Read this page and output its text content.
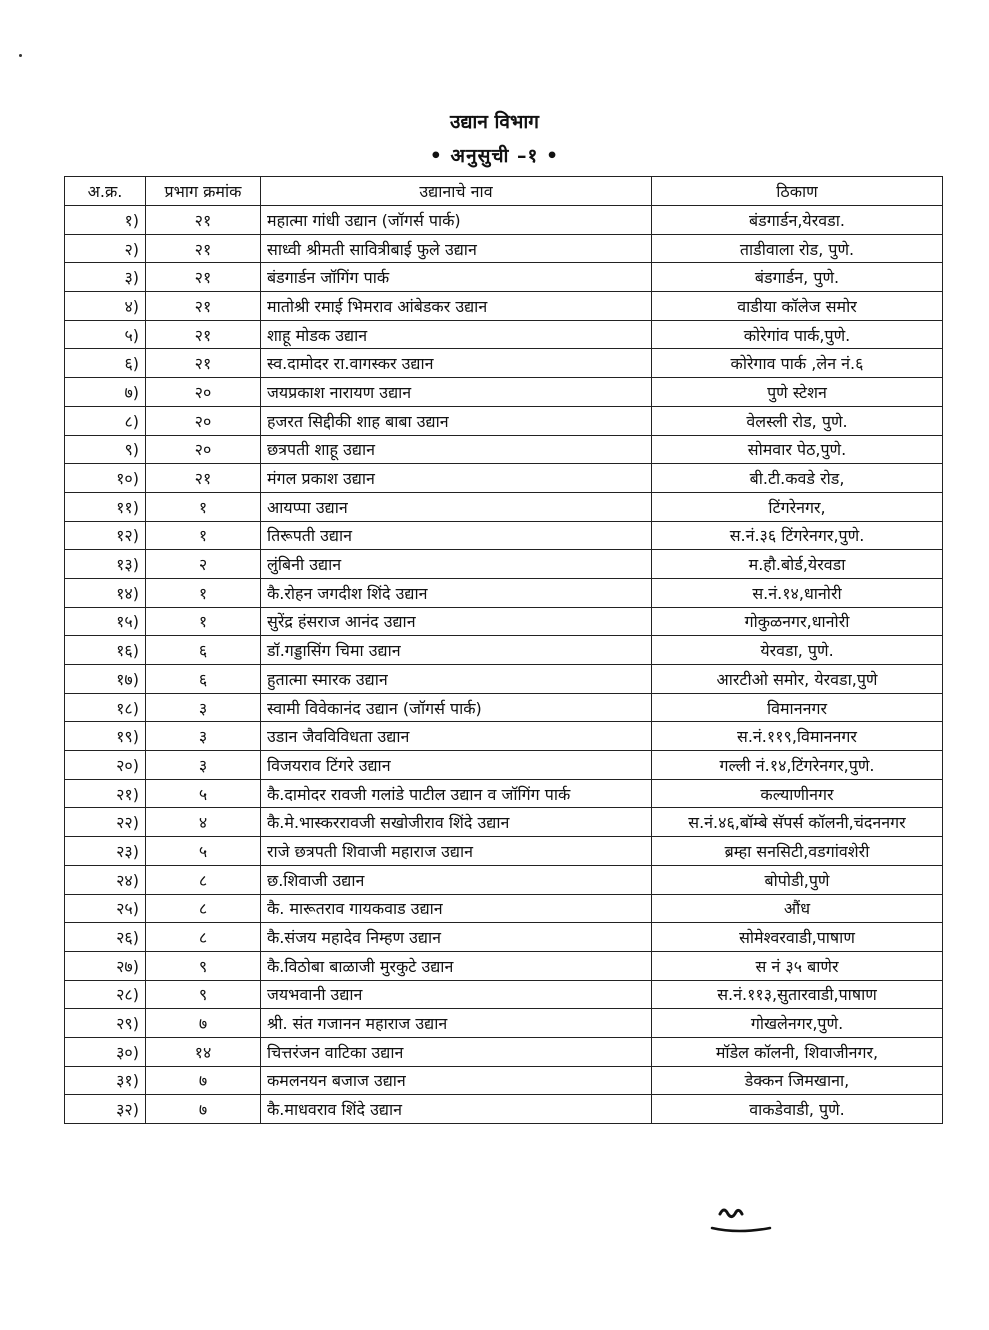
उद्यान विभाग
• अनुसुची –१ •
अ.क्र.	प्रभाग क्रमांक	उद्यानाचे नाव	ठिकाण
१)	२१	महात्मा गांधी उद्यान (जॉगर्स पार्क)	बंडगार्डन,येरवडा.
२)	२१	साध्वी श्रीमती सावित्रीबाई फुले उद्यान	ताडीवाला रोड, पुणे.
३)	२१	बंडगार्डन जॉगिंग पार्क	बंडगार्डन, पुणे.
४)	२१	मातोश्री रमाई भिमराव आंबेडकर उद्यान	वाडीया कॉलेज समोर
५)	२१	शाहू मोडक उद्यान	कोरेगांव पार्क,पुणे.
६)	२१	स्व.दामोदर रा.वागस्कर उद्यान	कोरेगाव पार्क ,लेन नं.६
७)	२०	जयप्रकाश नारायण उद्यान	पुणे स्टेशन
८)	२०	हजरत सिद्दीकी शाह बाबा उद्यान	वेलस्ली रोड, पुणे.
९)	२०	छत्रपती शाहू उद्यान	सोमवार पेठ,पुणे.
१०)	२१	मंगल प्रकाश उद्यान	बी.टी.कवडे रोड,
११)	१	आयप्पा उद्यान	टिंगरेनगर,
१२)	१	तिरूपती उद्यान	स.नं.३६ टिंगरेनगर,पुणे.
१३)	२	लुंबिनी उद्यान	म.हौ.बोर्ड,येरवडा
१४)	१	कै.रोहन जगदीश शिंदे उद्यान	स.नं.१४,धानोरी
१५)	१	सुरेंद्र हंसराज आनंद उद्यान	गोकुळनगर,धानोरी
१६)	६	डॉ.गड्डासिंग चिमा उद्यान	येरवडा, पुणे.
१७)	६	हुतात्मा स्मारक उद्यान	आरटीओ समोर, येरवडा,पुणे
१८)	३	स्वामी विवेकानंद उद्यान (जॉगर्स पार्क)	विमाननगर
१९)	३	उडान जैवविविधता उद्यान	स.नं.११९,विमाननगर
२०)	३	विजयराव टिंगरे उद्यान	गल्ली नं.१४,टिंगरेनगर,पुणे.
२१)	५	कै.दामोदर रावजी गलांडे पाटील उद्यान व जॉगिंग पार्क	कल्याणीनगर
२२)	४	कै.मे.भास्कररावजी सखोजीराव शिंदे उद्यान	स.नं.४६,बॉम्बे सॅपर्स कॉलनी,चंदननगर
२३)	५	राजे छत्रपती शिवाजी महाराज उद्यान	ब्रम्हा सनसिटी,वडगांवशेरी
२४)	८	छ.शिवाजी उद्यान	बोपोडी,पुणे
२५)	८	कै. मारूतराव गायकवाड उद्यान	औंध
२६)	८	कै.संजय महादेव निम्हण उद्यान	सोमेश्वरवाडी,पाषाण
२७)	९	कै.विठोबा बाळाजी मुरकुटे उद्यान	स नं ३५ बाणेर
२८)	९	जयभवानी उद्यान	स.नं.११३,सुतारवाडी,पाषाण
२९)	७	श्री. संत गजानन महाराज उद्यान	गोखलेनगर,पुणे.
३०)	१४	चित्तरंजन वाटिका उद्यान	मॉडेल कॉलनी, शिवाजीनगर,
३१)	७	कमलनयन बजाज उद्यान	डेक्कन जिमखाना,
३२)	७	कै.माधवराव शिंदे उद्यान	वाकडेवाडी, पुणे.
